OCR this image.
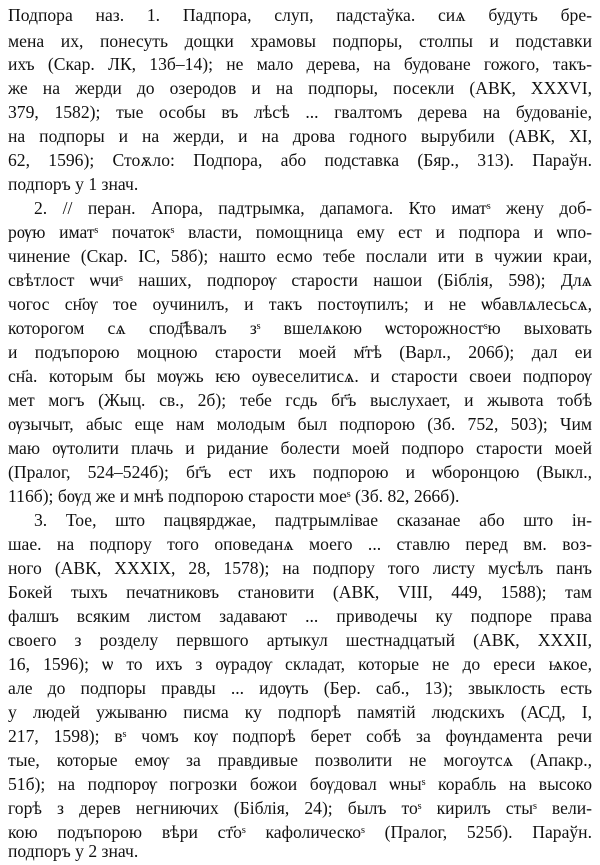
Подпора наз. 1. Падпора, слуп, падстаўка. сиѧ будуть бре-
мена их, понесуть дощки храмовы подпоры, столпы и подставки
ихъ (Скар. ЛК, 13б–14); не мало дерева, на будоване гожого, такъ-
же на жерди до озеродов и на подпоры, посекли (АВК, XXXVI,
379, 1582); тые особы въ лѣсѣ ... гвалтомъ дерева на будованіе,
на подпоры и на жерди, и на дрова годного вырубили (АВК, XI,
62, 1596); Стоѫло: Подпора, або подставка (Бяр., 313). Параўн.
подпоръ у 1 знач.
2. // перан. Апора, падтрымка, дапамога. Кто иматˢ жену доб-
рѹю иматˢ початокˢ власти, помощница ему ест и подпора и ѡпо-
чинение (Скар. ІС, 58б); нашто есмо тебе послали ити в чужии краи,
свѣтлост ѡчиˢ наших, подпорѹ старости нашои (Біблія, 598); Длѧ
чогос сн҃ѹ тое оучинилъ, и такъ постѹпилъ; и не ѡбавлѧлесьсѧ,
которогом сѧ спод҃ѣвалъ зˢ вшелѧкою ѡсторожностˢю выховать
и подъпорою моцною старости моей м҃тѣ (Варл., 206б); дал еи
сн҃а. которым бы мѹжь ѥю оувеселитисѧ. и старости своеи подпорѹ
мет могъ (Жыц. св., 2б); тебе гсдь бг҃ъ выслухает, и жывота тобѣ
ѹзычыт, абыс еще нам молодым был подпорою (Зб. 752, 503); Чим
маю ѹтолити плачь и ридание болести моей подпоро старости моей
(Пралог, 524–524б); бг҃ъ ест ихъ подпорою и ѡборонцою (Выкл.,
116б); бѹд же и мнѣ подпорою старости моеˢ (Зб. 82, 266б).
3. Тое, што пацвярджае, падтрымлівае сказанае або што ін-
шае. на подпору того оповеданѧ моего ... ставлю перед вм. воз-
ного (АВК, XXXIX, 28, 1578); на подпору того листу мусѣлъ панъ
Бокей тыхъ печатниковъ становити (АВК, VIII, 449, 1588); там
фалшъ всяким листом задавают ... приводечы ку подпоре права
своего з розделу первшого артыкул шестнадцатый (АВК, XXXII,
16, 1596); ѡ то ихъ з ѹрадѹ складат, которые не до ереси ѩкое,
але до подпоры правды ... идѹть (Бер. саб., 13); звыклость есть
у людей ужываню писма ку подпорѣ памятій людскихъ (АСД, I,
217, 1598); вˢ чомъ кѹ подпорѣ берет собѣ за фѹндамента речи
тые, которые емѹ за правдивые позволити не могоутсѧ (Апакр.,
51б); на подпорѹ погрозки божои бѹдовал ѡныˢ корабль на высоко
горѣ з дерев негниючих (Біблія, 24); былъ тоˢ кирилъ стыˢ вели-
кою подъпорою вѣри ст҃оˢ кафолическоˢ (Пралог, 525б). Параўн.
подпоръ у 2 знач.
